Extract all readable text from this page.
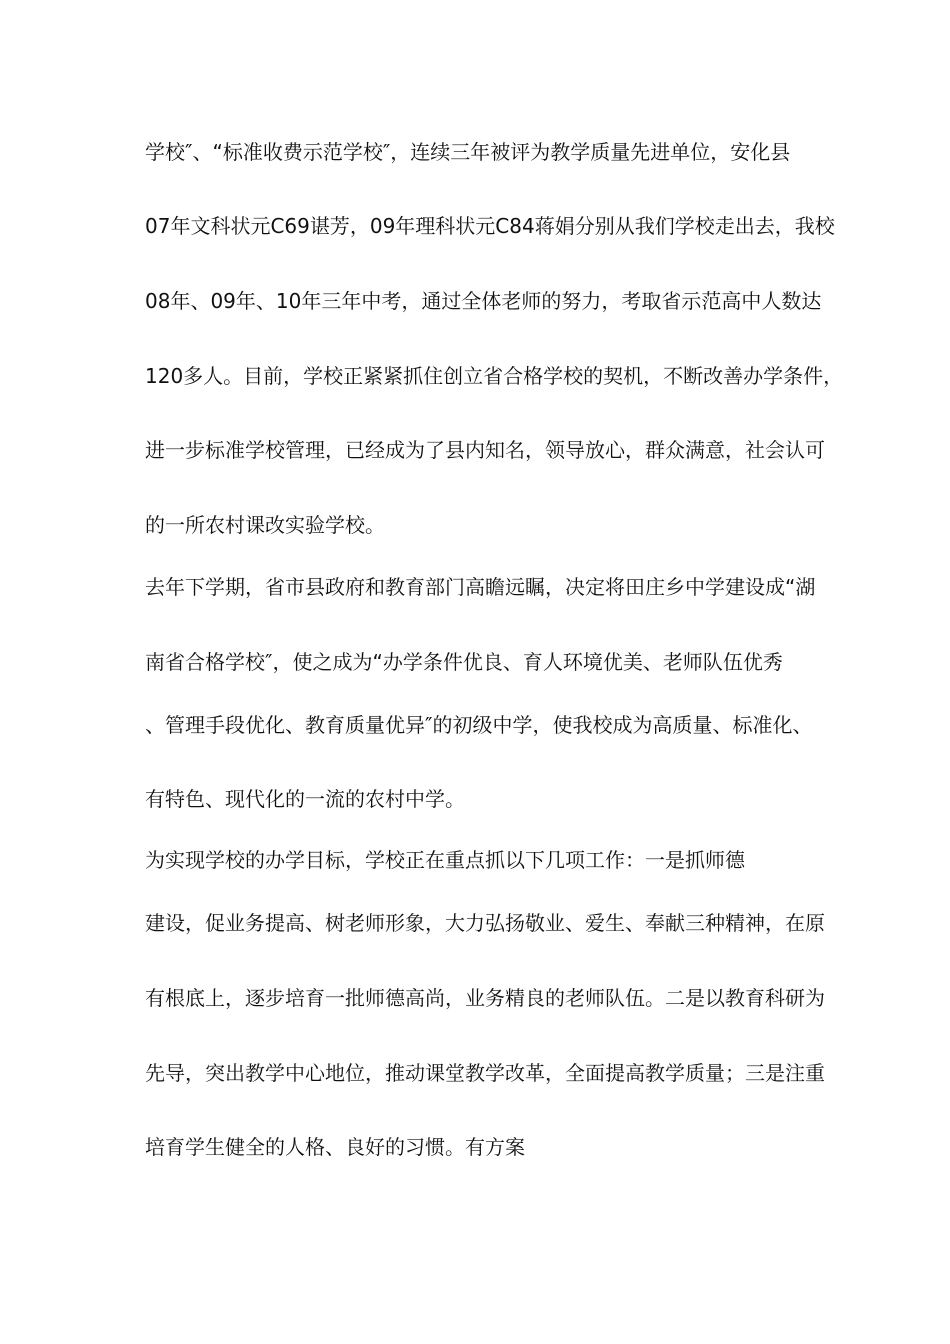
学校″、“标准收费示范学校″，连续三年被评为教学质量先进单位，安化县
07年文科状元C69谌芳，09年理科状元C84蒋娟分别从我们学校走出去，我校
08年、09年、10年三年中考，通过全体老师的努力，考取省示范高中人数达
120多人。目前，学校正紧紧抓住创立省合格学校的契机，不断改善办学条件，
进一步标准学校管理，已经成为了县内知名，领导放心，群众满意，社会认可
的一所农村课改实验学校。
去年下学期，省市县政府和教育部门高瞻远瞩，决定将田庄乡中学建设成“湖
南省合格学校″，使之成为“办学条件优良、育人环境优美、老师队伍优秀
、管理手段优化、教育质量优异″的初级中学，使我校成为高质量、标准化、
有特色、现代化的一流的农村中学。
为实现学校的办学目标，学校正在重点抓以下几项工作：一是抓师德
建设，促业务提高、树老师形象，大力弘扬敬业、爱生、奉献三种精神，在原
有根底上，逐步培育一批师德高尚，业务精良的老师队伍。二是以教育科研为
先导，突出教学中心地位，推动课堂教学改革，全面提高教学质量；三是注重
培育学生健全的人格、良好的习惯。有方案
